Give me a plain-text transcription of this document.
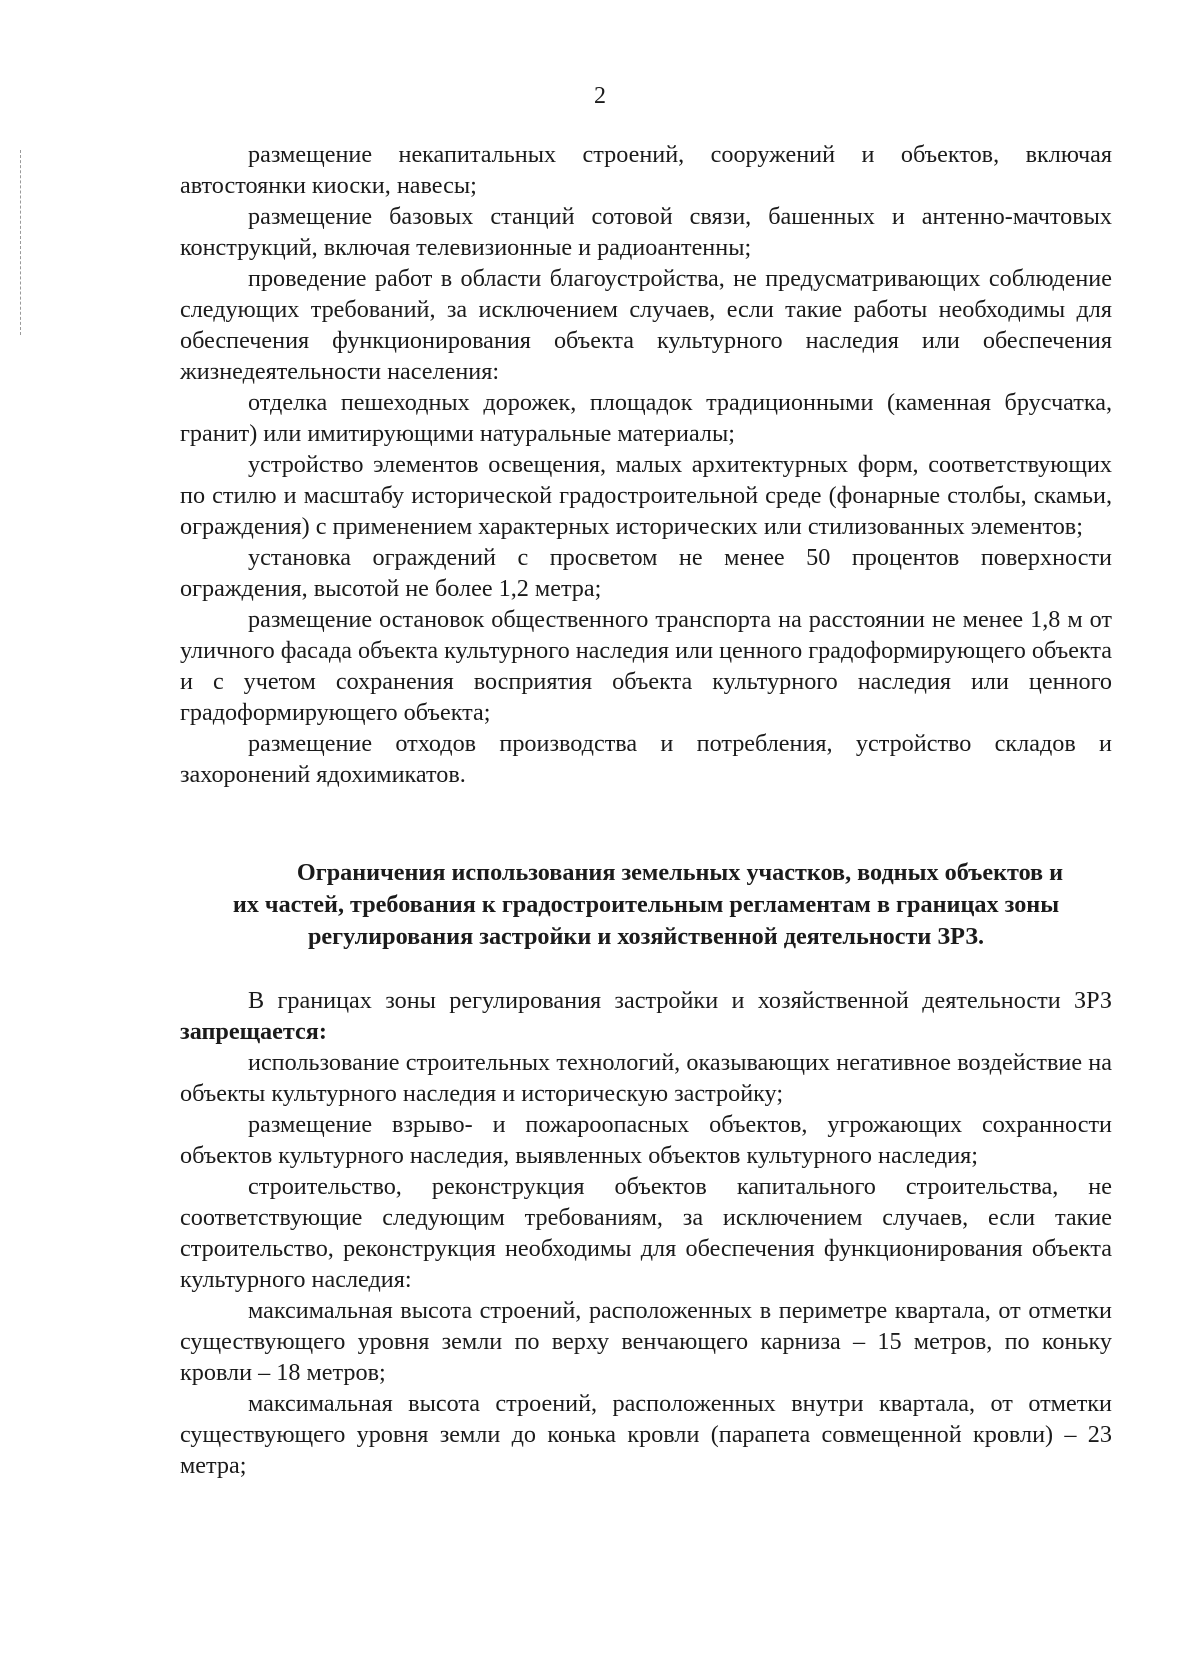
2

размещение некапитальных строений, сооружений и объектов, включая автостоянки киоски, навесы;

размещение базовых станций сотовой связи, башенных и антенно-мачтовых конструкций, включая телевизионные и радиоантенны;

проведение работ в области благоустройства, не предусматривающих соблюдение следующих требований, за исключением случаев, если такие работы необходимы для обеспечения функционирования объекта культурного наследия или обеспечения жизнедеятельности населения:

отделка пешеходных дорожек, площадок традиционными (каменная брусчатка, гранит) или имитирующими натуральные материалы;

устройство элементов освещения, малых архитектурных форм, соответствующих по стилю и масштабу исторической градостроительной среде (фонарные столбы, скамьи, ограждения) с применением характерных исторических или стилизованных элементов;

установка ограждений с просветом не менее 50 процентов поверхности ограждения, высотой не более 1,2 метра;

размещение остановок общественного транспорта на расстоянии не менее 1,8 м от уличного фасада объекта культурного наследия или ценного градоформирующего объекта и с учетом сохранения восприятия объекта культурного наследия или ценного градоформирующего объекта;

размещение отходов производства и потребления, устройство складов и захоронений ядохимикатов.

Ограничения использования земельных участков, водных объектов и
их частей, требования к градостроительным регламентам в границах зоны
регулирования застройки и хозяйственной деятельности ЗРЗ.

В границах зоны регулирования застройки и хозяйственной деятельности ЗРЗ запрещается:

использование строительных технологий, оказывающих негативное воздействие на объекты культурного наследия и историческую застройку;

размещение взрыво- и пожароопасных объектов, угрожающих сохранности объектов культурного наследия, выявленных объектов культурного наследия;

строительство, реконструкция объектов капитального строительства, не соответствующие следующим требованиям, за исключением случаев, если такие строительство, реконструкция необходимы для обеспечения функционирования объекта культурного наследия:

максимальная высота строений, расположенных в периметре квартала, от отметки существующего уровня земли по верху венчающего карниза – 15 метров, по коньку кровли – 18 метров;

максимальная высота строений, расположенных внутри квартала, от отметки существующего уровня земли до конька кровли (парапета совмещенной кровли) – 23 метра;
